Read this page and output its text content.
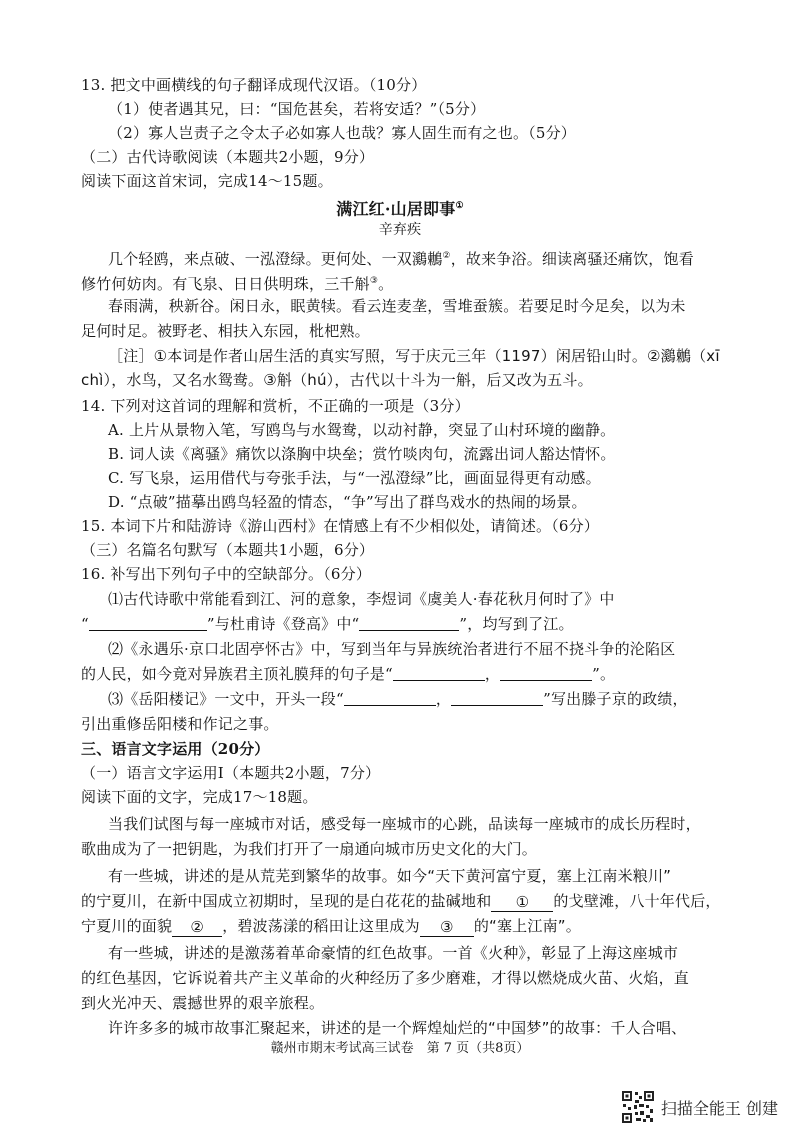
13. 把文中画横线的句子翻译成现代汉语。（10分）
（1）使者遇其兄，曰：“国危甚矣，若将安适？”（5分）
（2）寡人岂责子之令太子必如寡人也哉？寡人固生而有之也。（5分）
（二）古代诗歌阅读（本题共2小题，9分）
阅读下面这首宋词，完成14～15题。
满江红·山居即事①
辛弃疾
几个轻鸥，来点破、一泓澄绿。更何处、一双鸂鶒②，故来争浴。细读离骚还痛饮，饱看
修竹何妨肉。有飞泉、日日供明珠，三千斛③。
春雨满，秧新谷。闲日永，眠黄犊。看云连麦垄，雪堆蚕簇。若要足时今足矣，以为未
足何时足。被野老、相扶入东园，枇杷熟。
［注］①本词是作者山居生活的真实写照，写于庆元三年（1197）闲居铅山时。②鸂鶒（xī
chì），水鸟，又名水鸳鸯。③斛（hú），古代以十斗为一斛，后又改为五斗。
14. 下列对这首词的理解和赏析，不正确的一项是（3分）
A. 上片从景物入笔，写鸥鸟与水鸳鸯，以动衬静，突显了山村环境的幽静。
B. 词人读《离骚》痛饮以涤胸中块垒；赏竹啖肉句，流露出词人豁达情怀。
C. 写飞泉，运用借代与夸张手法，与“一泓澄绿”比，画面显得更有动感。
D. “点破”描摹出鸥鸟轻盈的情态，“争”写出了群鸟戏水的热闹的场景。
15. 本词下片和陆游诗《游山西村》在情感上有不少相似处，请简述。（6分）
（三）名篇名句默写（本题共1小题，6分）
16. 补写出下列句子中的空缺部分。（6分）
⑴古代诗歌中常能看到江、河的意象，李煜词《虞美人·春花秋月何时了》中
“	”与杜甫诗《登高》中“	”，均写到了江。
⑵《永遇乐·京口北固亭怀古》中，写到当年与异族统治者进行不屈不挠斗争的沦陷区
的人民，如今竟对异族君主顶礼膜拜的句子是“	，	”。
⑶《岳阳楼记》一文中，开头一段“	，	”写出滕子京的政绩，
引出重修岳阳楼和作记之事。
三、语言文字运用（20分）
（一）语言文字运用Ⅰ（本题共2小题，7分）
阅读下面的文字，完成17～18题。
当我们试图与每一座城市对话，感受每一座城市的心跳，品读每一座城市的成长历程时，
歌曲成为了一把钥匙，为我们打开了一扇通向城市历史文化的大门。
有一些城，讲述的是从荒芜到繁华的故事。如今“天下黄河富宁夏，塞上江南米粮川”
的宁夏川，在新中国成立初期时，呈现的是白花花的盐碱地和 ① 的戈壁滩，八十年代后，
宁夏川的面貌 ② ，碧波荡漾的稻田让这里成为 ③ 的“塞上江南”。
有一些城，讲述的是激荡着革命豪情的红色故事。一首《火种》，彰显了上海这座城市
的红色基因，它诉说着共产主义革命的火种经历了多少磨难，才得以燃烧成火苗、火焰，直
到火光冲天、震撼世界的艰辛旅程。
许许多多的城市故事汇聚起来，讲述的是一个辉煌灿烂的“中国梦”的故事：千人合唱、
赣州市期末考试高三试卷　第 7 页（共8页）
扫描全能王 创建
